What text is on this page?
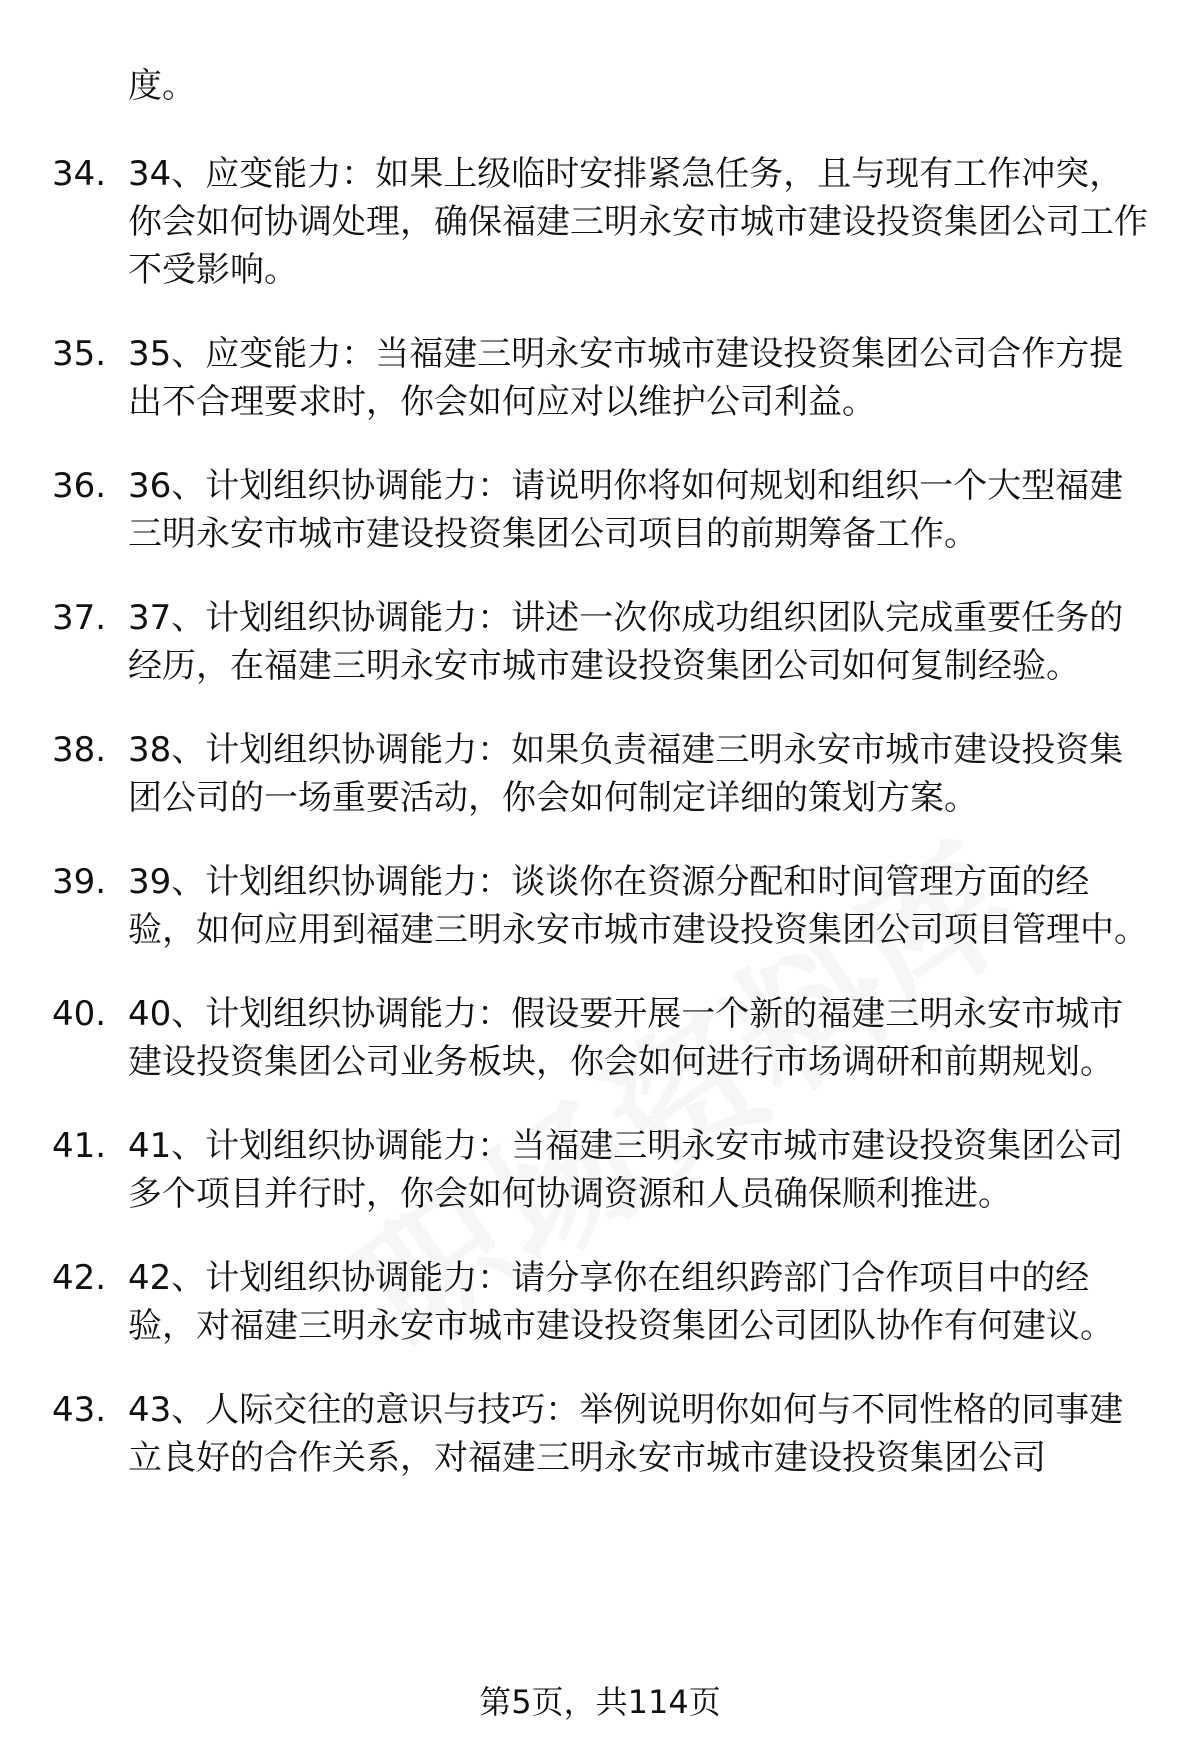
度。
34. 34、应变能力：如果上级临时安排紧急任务，且与现有工作冲突，你会如何协调处理，确保福建三明永安市城市建设投资集团公司工作不受影响。
35. 35、应变能力：当福建三明永安市城市建设投资集团公司合作方提出不合理要求时，你会如何应对以维护公司利益。
36. 36、计划组织协调能力：请说明你将如何规划和组织一个大型福建三明永安市城市建设投资集团公司项目的前期筹备工作。
37. 37、计划组织协调能力：讲述一次你成功组织团队完成重要任务的经历，在福建三明永安市城市建设投资集团公司如何复制经验。
38. 38、计划组织协调能力：如果负责福建三明永安市城市建设投资集团公司的一场重要活动，你会如何制定详细的策划方案。
39. 39、计划组织协调能力：谈谈你在资源分配和时间管理方面的经验，如何应用到福建三明永安市城市建设投资集团公司项目管理中。
40. 40、计划组织协调能力：假设要开展一个新的福建三明永安市城市建设投资集团公司业务板块，你会如何进行市场调研和前期规划。
41. 41、计划组织协调能力：当福建三明永安市城市建设投资集团公司多个项目并行时，你会如何协调资源和人员确保顺利推进。
42. 42、计划组织协调能力：请分享你在组织跨部门合作项目中的经验，对福建三明永安市城市建设投资集团公司团队协作有何建议。
43. 43、人际交往的意识与技巧：举例说明你如何与不同性格的同事建立良好的合作关系，对福建三明永安市城市建设投资集团公司
第5页，共114页
